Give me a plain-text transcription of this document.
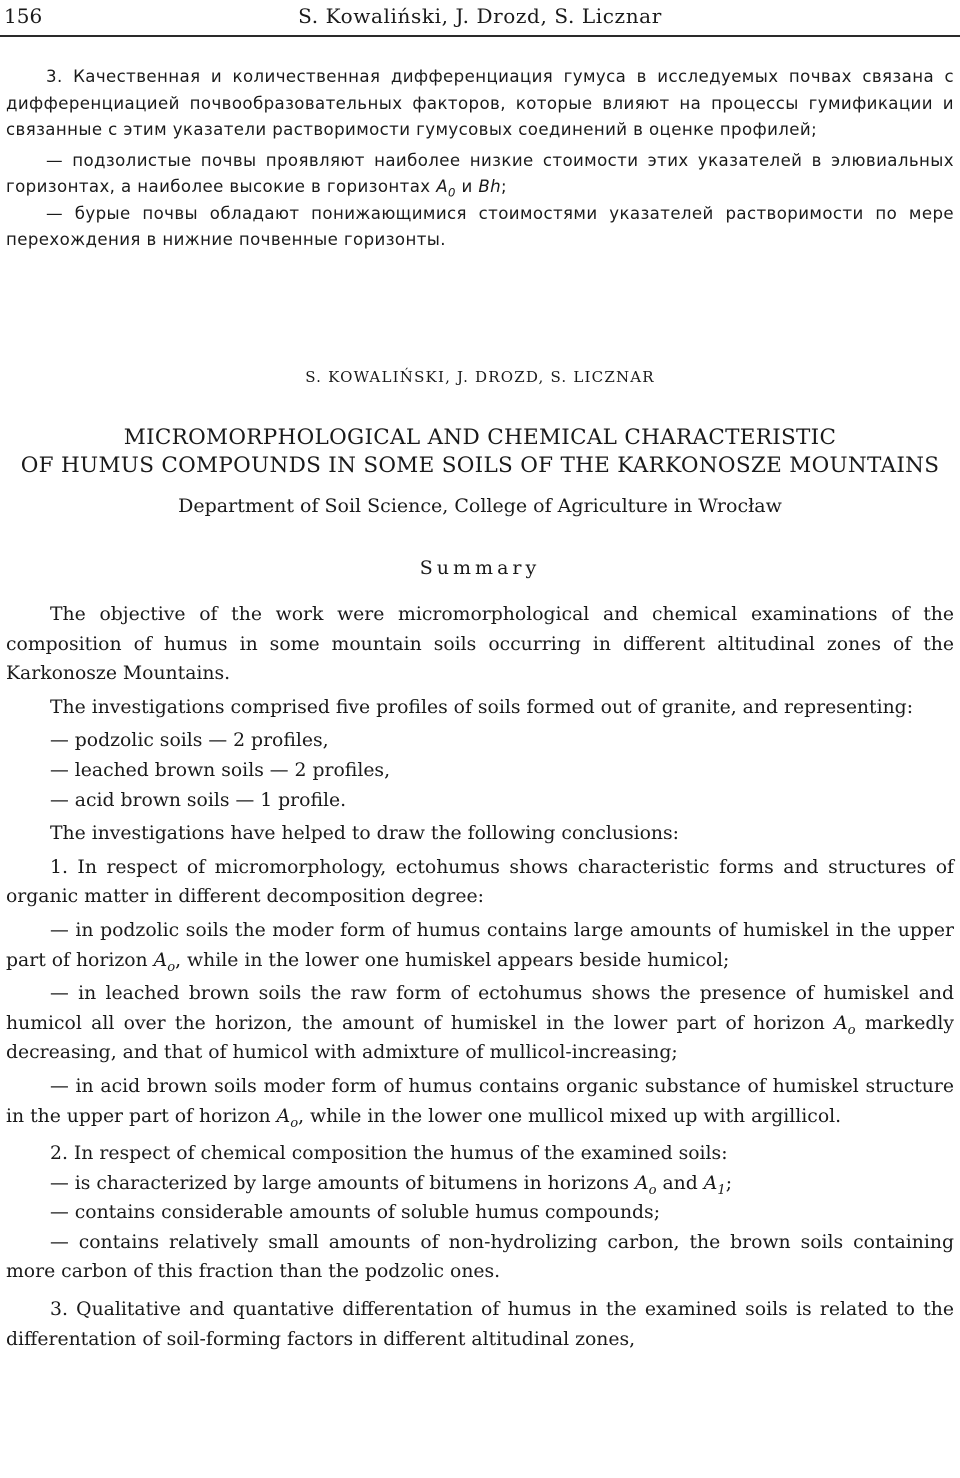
156	S. Kowaliński, J. Drozd, S. Licznar

3. Качественная и количественная дифференциация гумуса в исследуемых почвах связана с дифференциацией почвообразовательных факторов, которые влияют на процессы гумификации и связанные с этим указатели растворимости гумусовых соединений в оценке профилей;

— подзолистые почвы проявляют наиболее низкие стоимости этих указателей в элювиальных горизонтах, а наиболее высокие в горизонтах $A_0$ и Bh;

— бурые почвы обладают понижающимися стоимостями указателей растворимости по мере перехождения в нижние почвенные горизонты.

S. KOWALIŃSKI, J. DROZD, S. LICZNAR
MICROMORPHOLOGICAL AND CHEMICAL CHARACTERISTIC
OF HUMUS COMPOUNDS IN SOME SOILS OF THE KARKONOSZE MOUNTAINS
Department of Soil Science, College of Agriculture in Wrocław
Summary

The objective of the work were micromorphological and chemical examinations of the composition of humus in some mountain soils occurring in different altitudinal zones of the Karkonosze Mountains.

The investigations comprised five profiles of soils formed out of granite, and representing:

— podzolic soils — 2 profiles,

— leached brown soils — 2 profiles,

— acid brown soils — 1 profile.

The investigations have helped to draw the following conclusions:

1. In respect of micromorphology, ectohumus shows characteristic forms and structures of organic matter in different decomposition degree:

— in podzolic soils the moder form of humus contains large amounts of humiskel in the upper part of horizon $A_o$, while in the lower one humiskel appears beside humicol;

— in leached brown soils the raw form of ectohumus shows the presence of humiskel and humicol all over the horizon, the amount of humiskel in the lower part of horizon $A_o$ markedly decreasing, and that of humicol with admixture of mullicol-increasing;

— in acid brown soils moder form of humus contains organic substance of humiskel structure in the upper part of horizon $A_o$, while in the lower one mullicol mixed up with argillicol.

2. In respect of chemical composition the humus of the examined soils:

— is characterized by large amounts of bitumens in horizons $A_o$ and $A_1$;

— contains considerable amounts of soluble humus compounds;

— contains relatively small amounts of non-hydrolizing carbon, the brown soils containing more carbon of this fraction than the podzolic ones.

3. Qualitative and quantative differentation of humus in the examined soils is related to the differentation of soil-forming factors in different altitudinal zones,
